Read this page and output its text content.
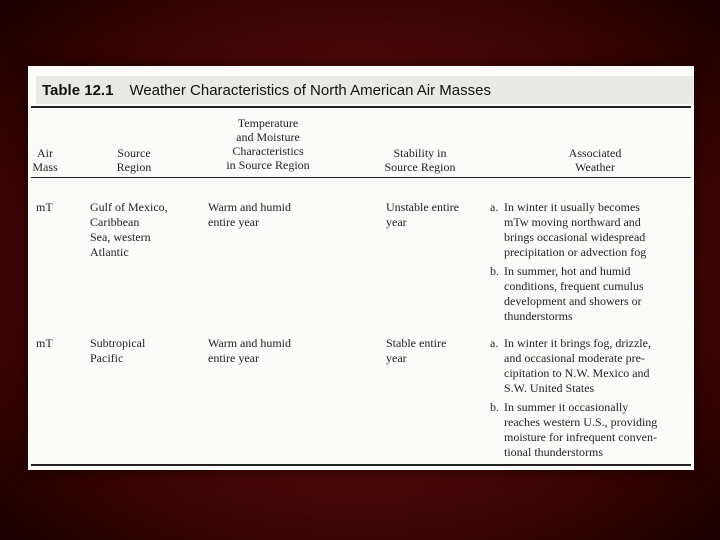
Table 12.1 Weather Characteristics of North American Air Masses
Air
Mass
Source
Region
Temperature
and Moisture
Characteristics
in Source Region
Stability in
Source Region
Associated
Weather
mT	Gulf of Mexico,
Caribbean
Sea, western
Atlantic
Warm and humid
entire year
Unstable entire
year
a. In winter it usually becomes
mTw moving northward and
brings occasional widespread
precipitation or advection fog
b. In summer, hot and humid
conditions, frequent cumulus
development and showers or
thunderstorms
mT	Subtropical
Pacific
Warm and humid
entire year
Stable entire
year
a. In winter it brings fog, drizzle,
and occasional moderate pre-
cipitation to N.W. Mexico and
S.W. United States
b. In summer it occasionally
reaches western U.S., providing
moisture for infrequent conven-
tional thunderstorms
